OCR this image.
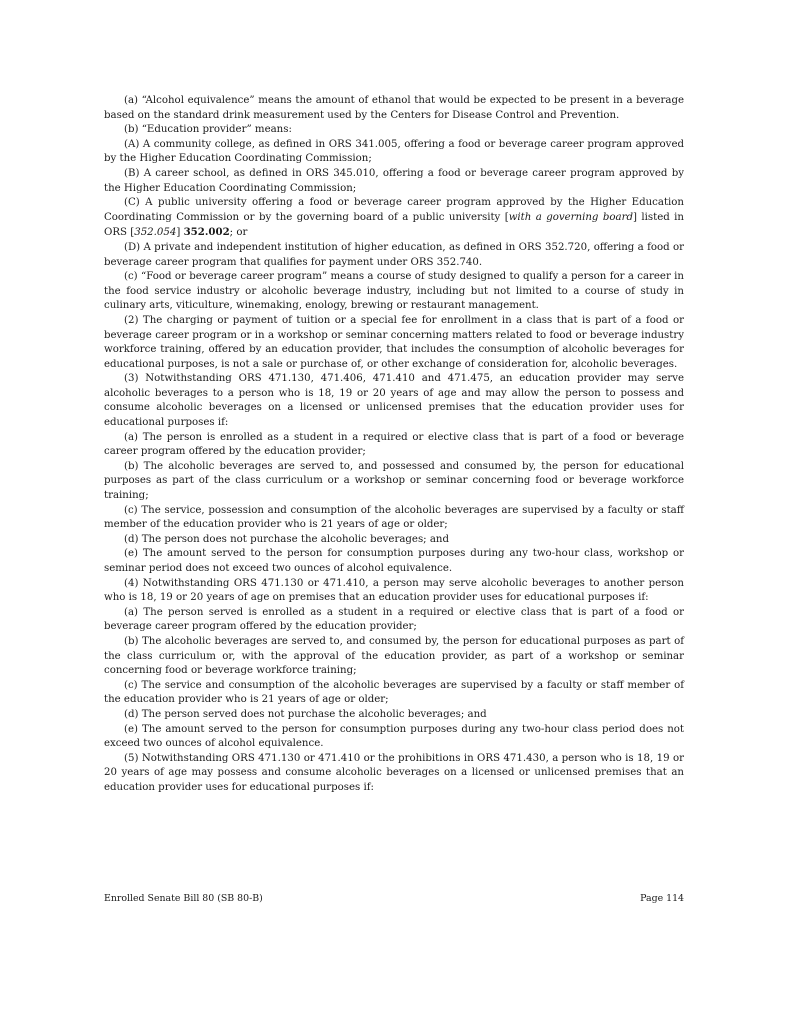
(a) “Alcohol equivalence” means the amount of ethanol that would be expected to be present in a beverage based on the standard drink measurement used by the Centers for Disease Control and Prevention.

(b) “Education provider” means:

(A) A community college, as defined in ORS 341.005, offering a food or beverage career program approved by the Higher Education Coordinating Commission;

(B) A career school, as defined in ORS 345.010, offering a food or beverage career program approved by the Higher Education Coordinating Commission;

(C) A public university offering a food or beverage career program approved by the Higher Education Coordinating Commission or by the governing board of a public university [with a governing board] listed in ORS [352.054] 352.002; or

(D) A private and independent institution of higher education, as defined in ORS 352.720, offering a food or beverage career program that qualifies for payment under ORS 352.740.

(c) “Food or beverage career program” means a course of study designed to qualify a person for a career in the food service industry or alcoholic beverage industry, including but not limited to a course of study in culinary arts, viticulture, winemaking, enology, brewing or restaurant management.

(2) The charging or payment of tuition or a special fee for enrollment in a class that is part of a food or beverage career program or in a workshop or seminar concerning matters related to food or beverage industry workforce training, offered by an education provider, that includes the consumption of alcoholic beverages for educational purposes, is not a sale or purchase of, or other exchange of consideration for, alcoholic beverages.

(3) Notwithstanding ORS 471.130, 471.406, 471.410 and 471.475, an education provider may serve alcoholic beverages to a person who is 18, 19 or 20 years of age and may allow the person to possess and consume alcoholic beverages on a licensed or unlicensed premises that the education provider uses for educational purposes if:

(a) The person is enrolled as a student in a required or elective class that is part of a food or beverage career program offered by the education provider;

(b) The alcoholic beverages are served to, and possessed and consumed by, the person for educational purposes as part of the class curriculum or a workshop or seminar concerning food or beverage workforce training;

(c) The service, possession and consumption of the alcoholic beverages are supervised by a faculty or staff member of the education provider who is 21 years of age or older;

(d) The person does not purchase the alcoholic beverages; and

(e) The amount served to the person for consumption purposes during any two-hour class, workshop or seminar period does not exceed two ounces of alcohol equivalence.

(4) Notwithstanding ORS 471.130 or 471.410, a person may serve alcoholic beverages to another person who is 18, 19 or 20 years of age on premises that an education provider uses for educational purposes if:

(a) The person served is enrolled as a student in a required or elective class that is part of a food or beverage career program offered by the education provider;

(b) The alcoholic beverages are served to, and consumed by, the person for educational purposes as part of the class curriculum or, with the approval of the education provider, as part of a workshop or seminar concerning food or beverage workforce training;

(c) The service and consumption of the alcoholic beverages are supervised by a faculty or staff member of the education provider who is 21 years of age or older;

(d) The person served does not purchase the alcoholic beverages; and

(e) The amount served to the person for consumption purposes during any two-hour class period does not exceed two ounces of alcohol equivalence.

(5) Notwithstanding ORS 471.130 or 471.410 or the prohibitions in ORS 471.430, a person who is 18, 19 or 20 years of age may possess and consume alcoholic beverages on a licensed or unlicensed premises that an education provider uses for educational purposes if:

Enrolled Senate Bill 80 (SB 80-B)	Page 114
